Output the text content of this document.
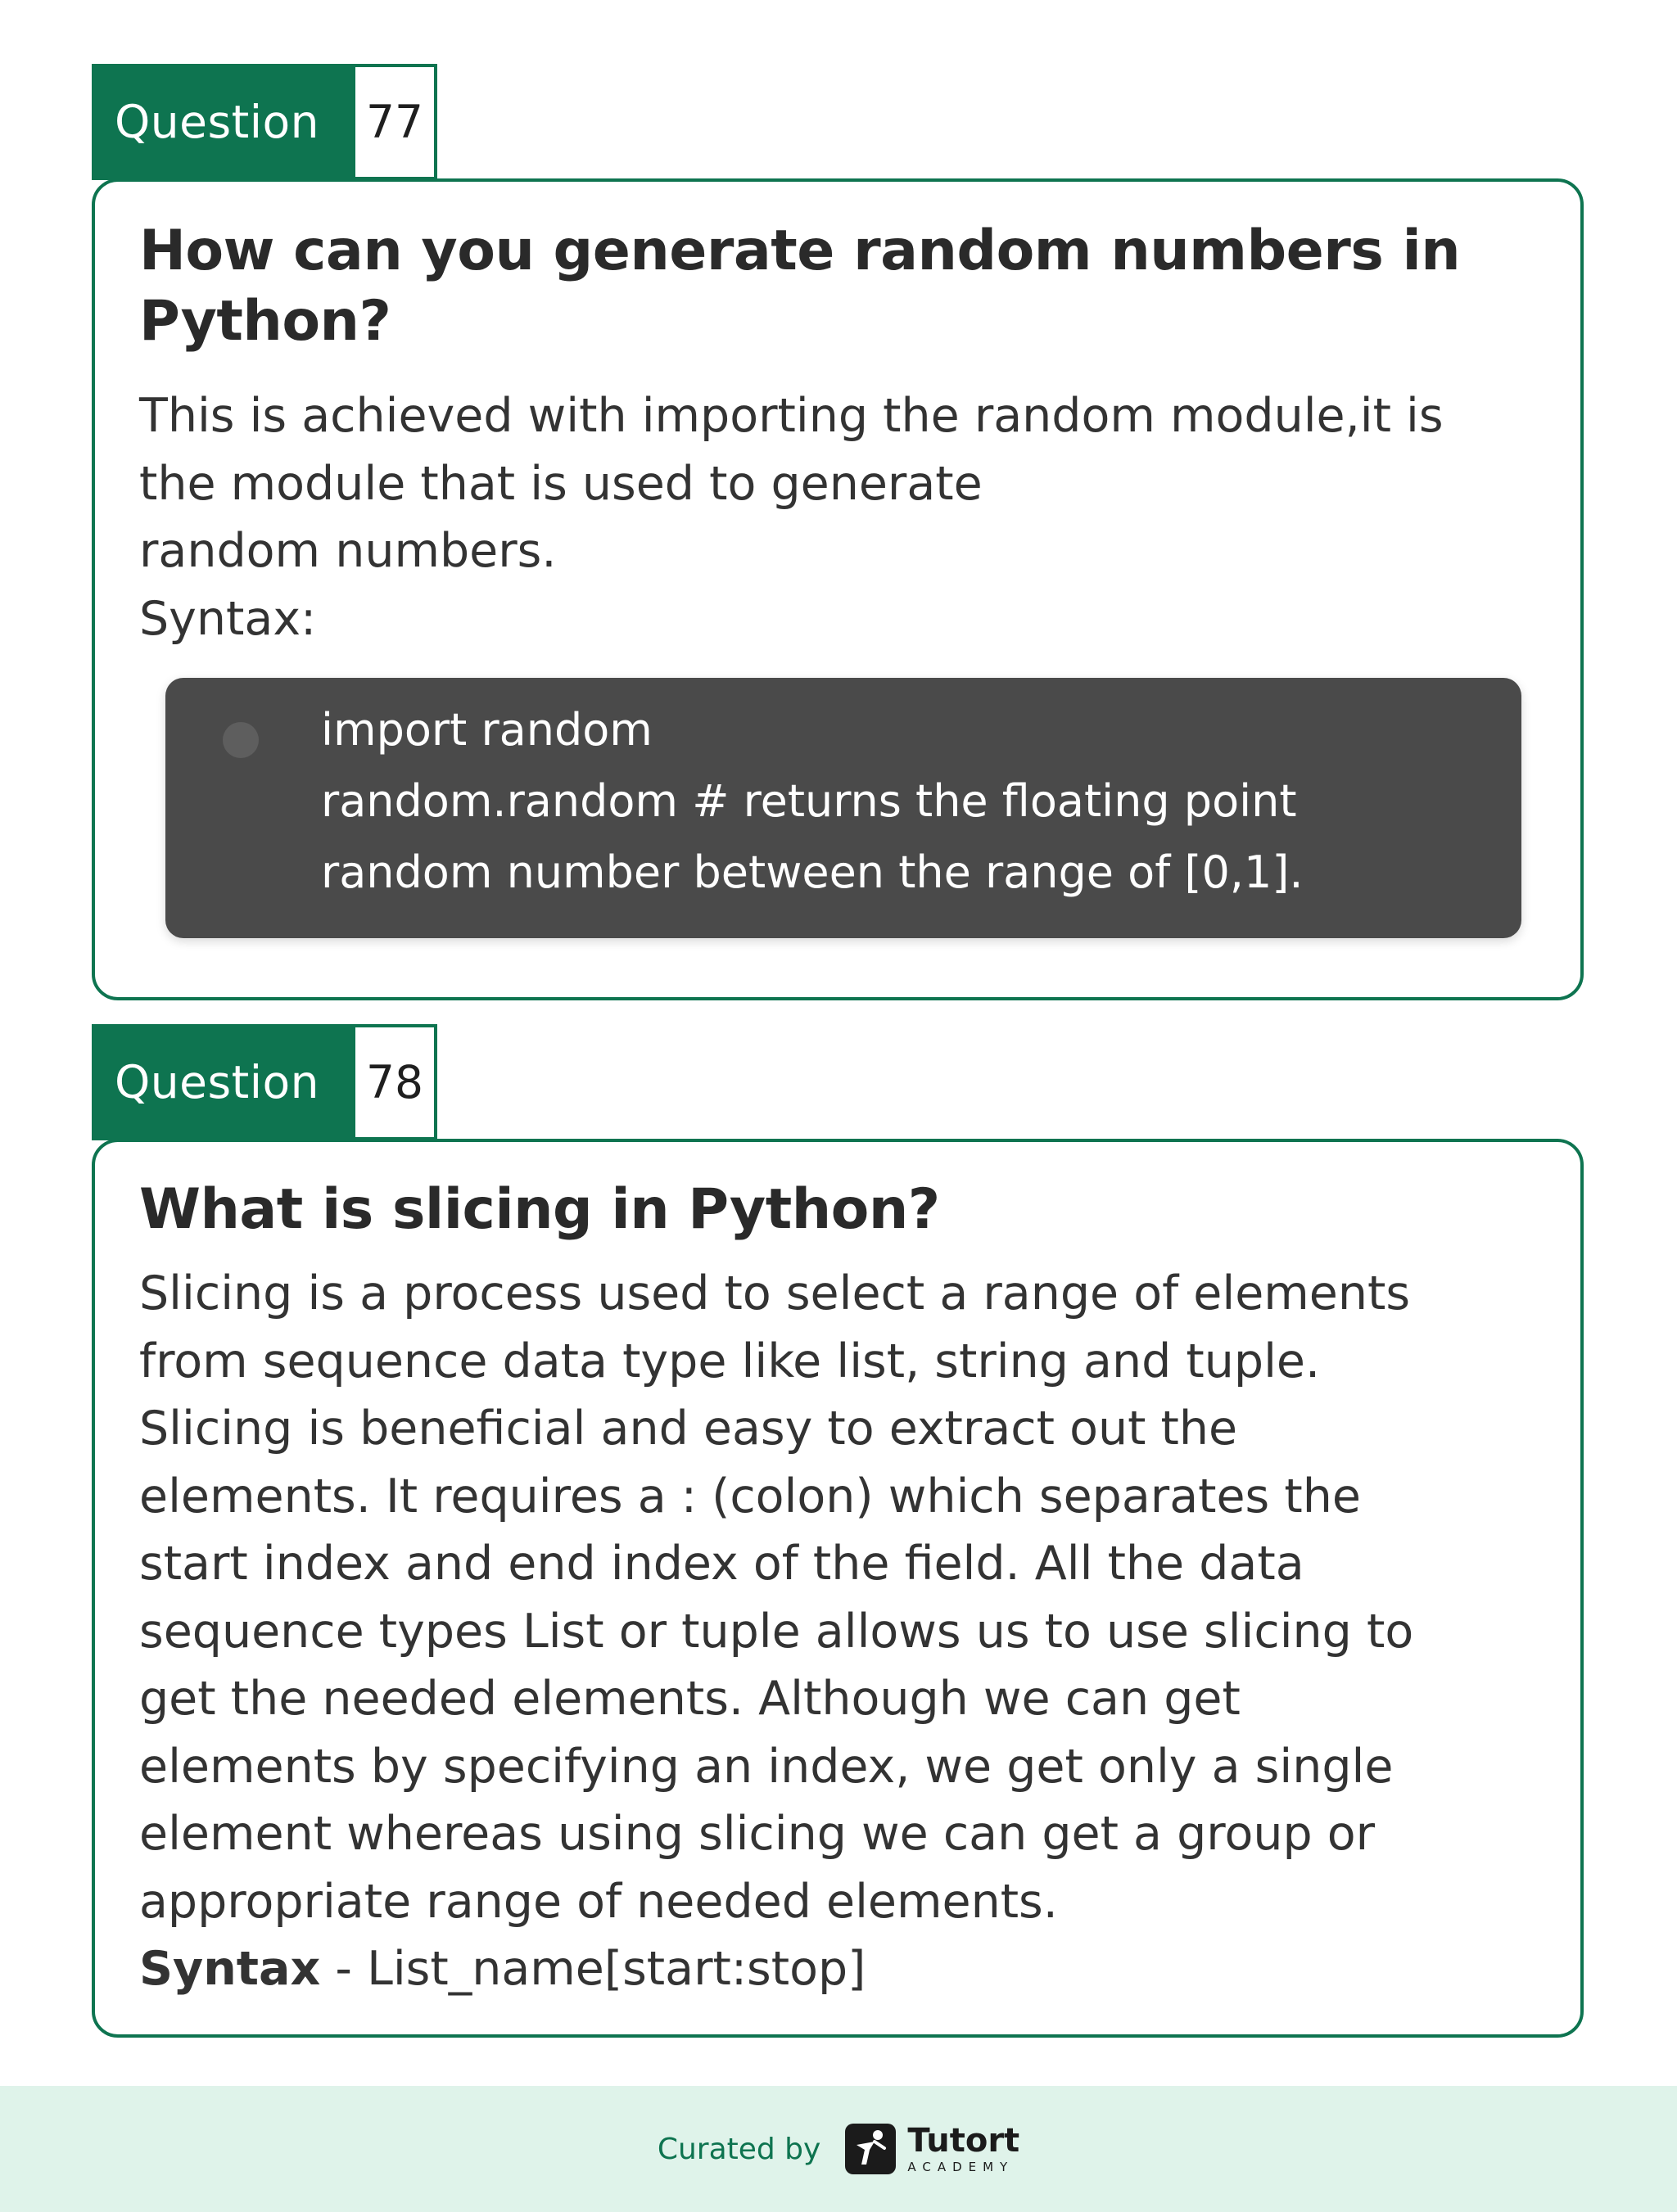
Question	77
How can you generate random numbers in
Python?

This is achieved with importing the random module,it is
the module that is used to generate
random numbers.
Syntax:

import random
random.random # returns the floating point
random number between the range of [0,1].

Question	78
What is slicing in Python?

Slicing is a process used to select a range of elements
from sequence data type like list, string and tuple.
Slicing is beneficial and easy to extract out the
elements. It requires a : (colon) which separates the
start index and end index of the field. All the data
sequence types List or tuple allows us to use slicing to
get the needed elements. Although we can get
elements by specifying an index, we get only a single
element whereas using slicing we can get a group or
appropriate range of needed elements.
Syntax - List_name[start:stop]

Curated by	Tutort
ACADEMY
